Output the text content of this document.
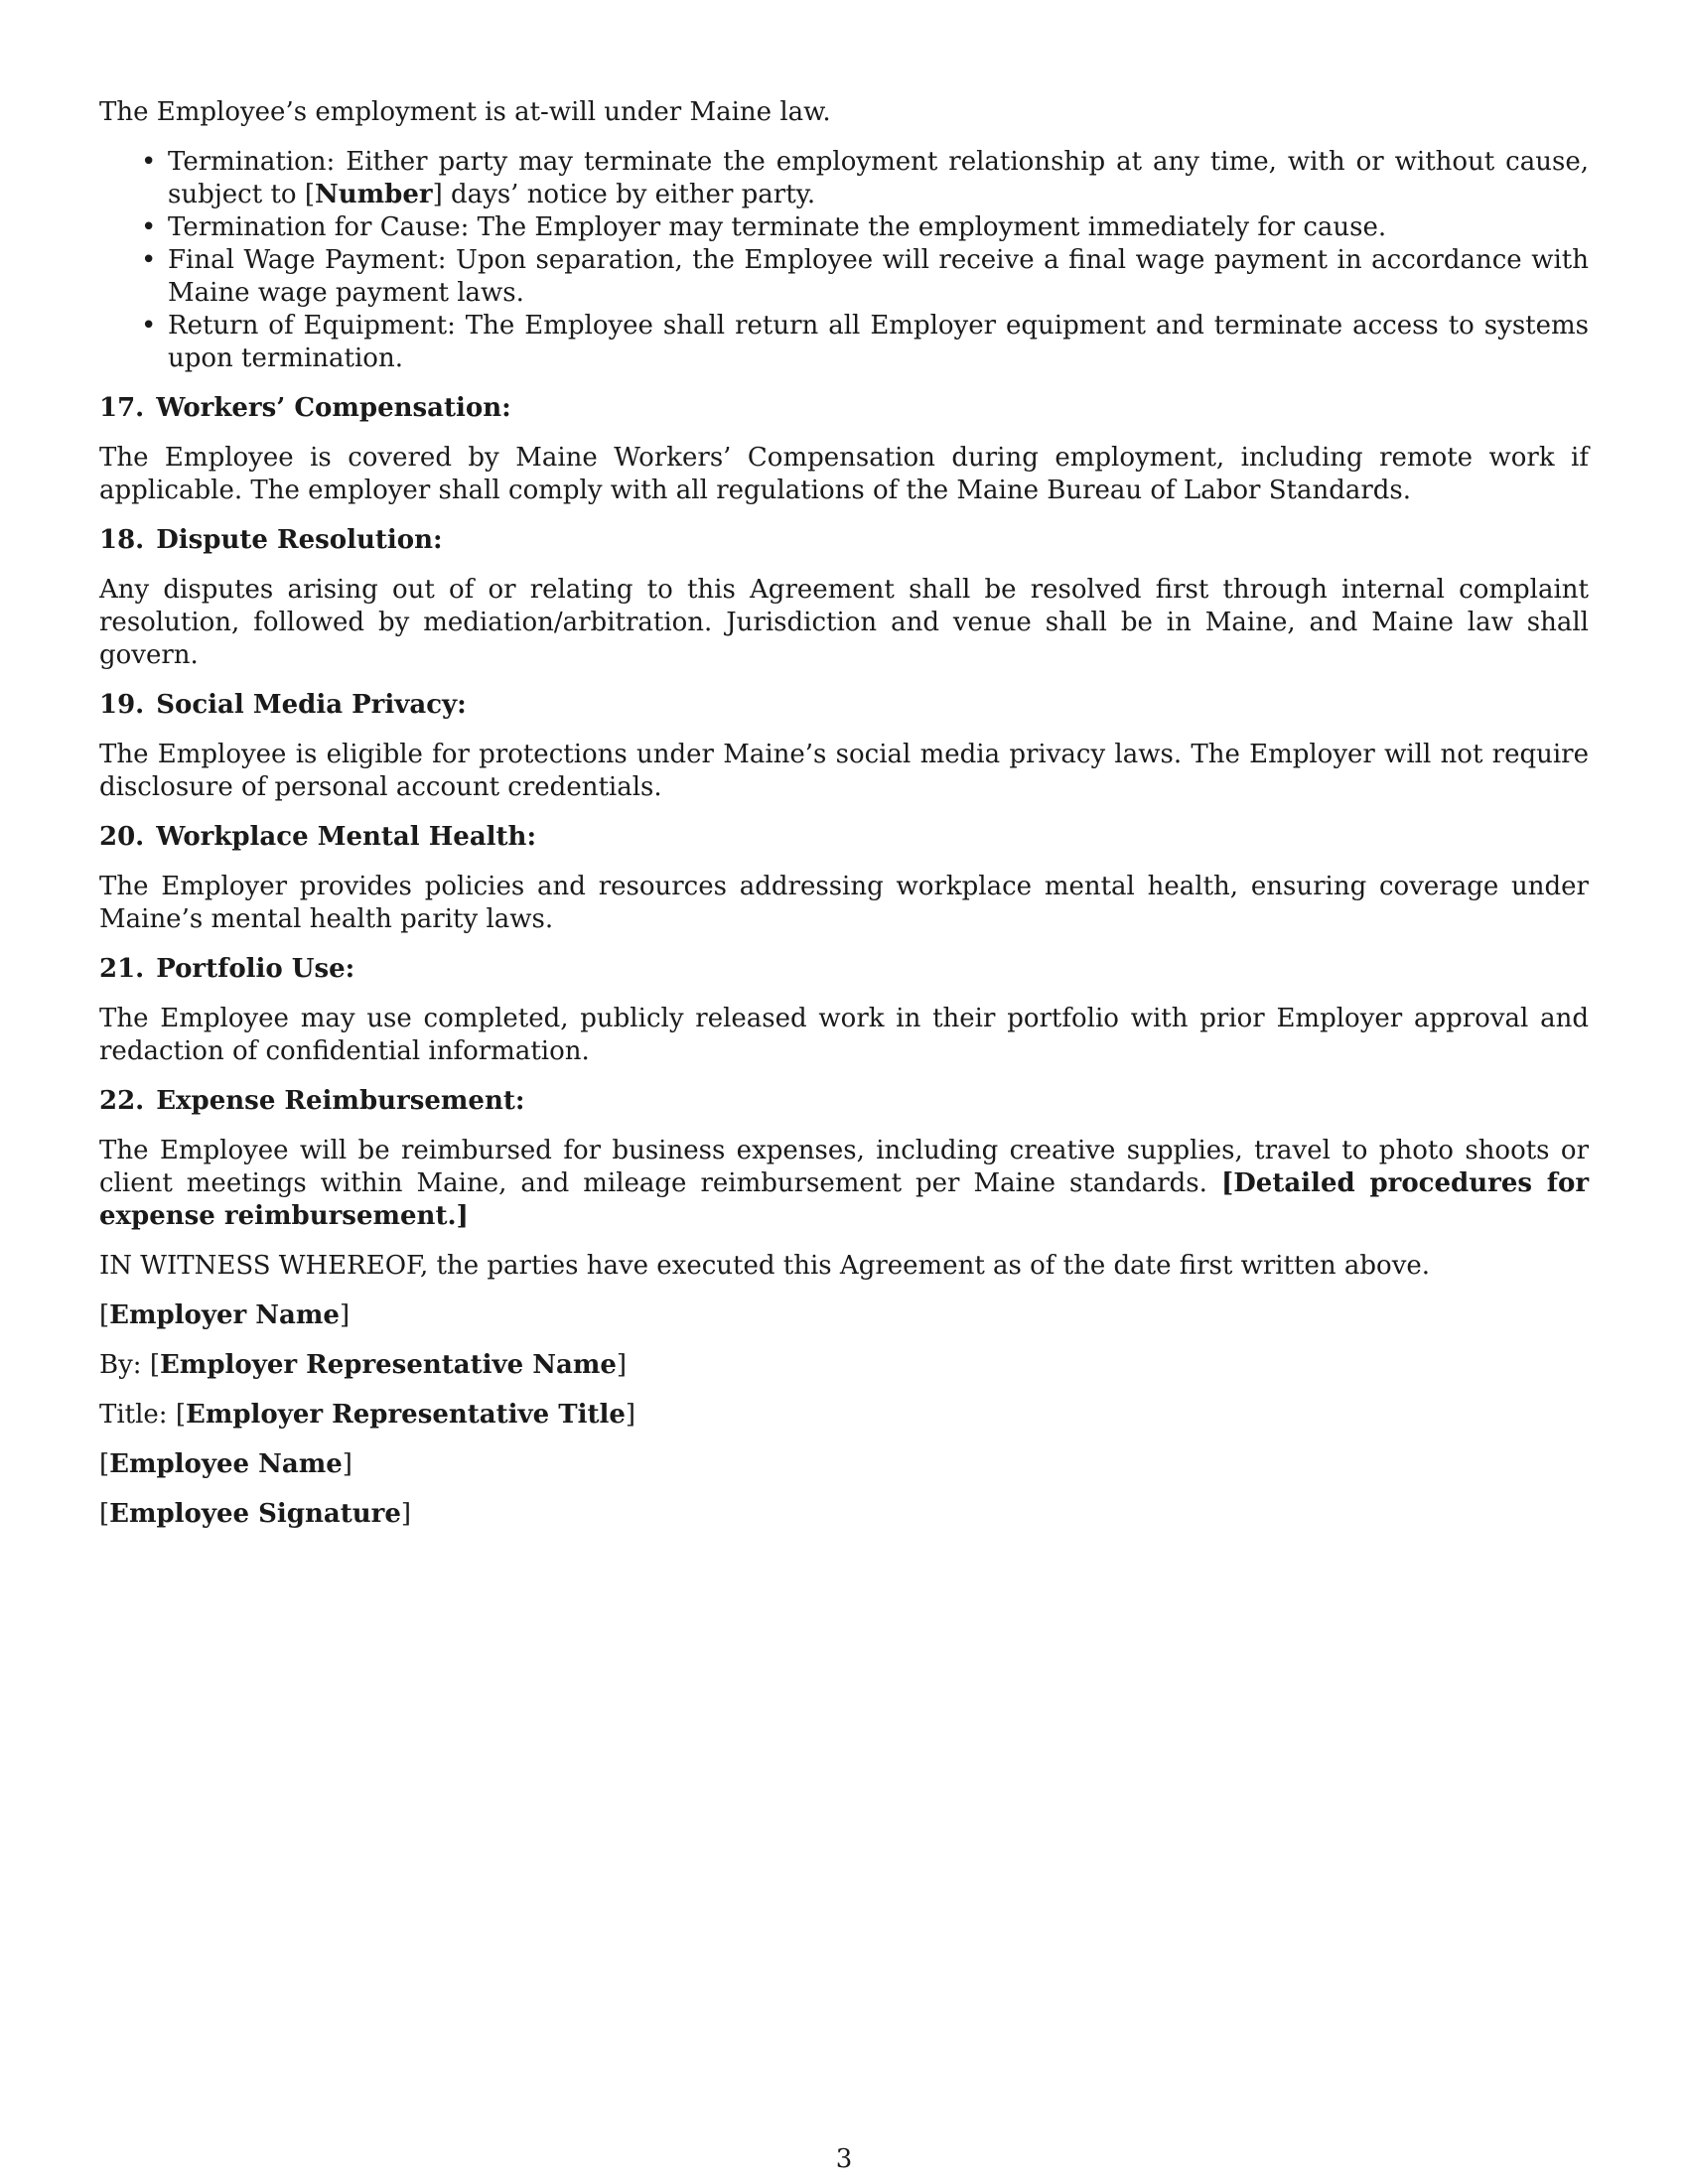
The Employee’s employment is at-will under Maine law.

• Termination: Either party may terminate the employment relationship at any time, with or without cause, subject to [Number] days’ notice by either party.
• Termination for Cause: The Employer may terminate the employment immediately for cause.
• Final Wage Payment: Upon separation, the Employee will receive a final wage payment in accordance with Maine wage payment laws.
• Return of Equipment: The Employee shall return all Employer equipment and terminate access to systems upon termination.
17. Workers’ Compensation:

The Employee is covered by Maine Workers’ Compensation during employment, including remote work if applicable. The employer shall comply with all regulations of the Maine Bureau of Labor Standards.

18. Dispute Resolution:

Any disputes arising out of or relating to this Agreement shall be resolved first through internal complaint resolution, followed by mediation/arbitration. Jurisdiction and venue shall be in Maine, and Maine law shall govern.

19. Social Media Privacy:

The Employee is eligible for protections under Maine’s social media privacy laws. The Employer will not require disclosure of personal account credentials.

20. Workplace Mental Health:

The Employer provides policies and resources addressing workplace mental health, ensuring coverage under Maine’s mental health parity laws.

21. Portfolio Use:

The Employee may use completed, publicly released work in their portfolio with prior Employer approval and redaction of confidential information.

22. Expense Reimbursement:

The Employee will be reimbursed for business expenses, including creative supplies, travel to photo shoots or client meetings within Maine, and mileage reimbursement per Maine standards. [Detailed procedures for expense reimbursement.]

IN WITNESS WHEREOF, the parties have executed this Agreement as of the date first written above.

[Employer Name]
By: [Employer Representative Name]
Title: [Employer Representative Title]
[Employee Name]
[Employee Signature]
3
